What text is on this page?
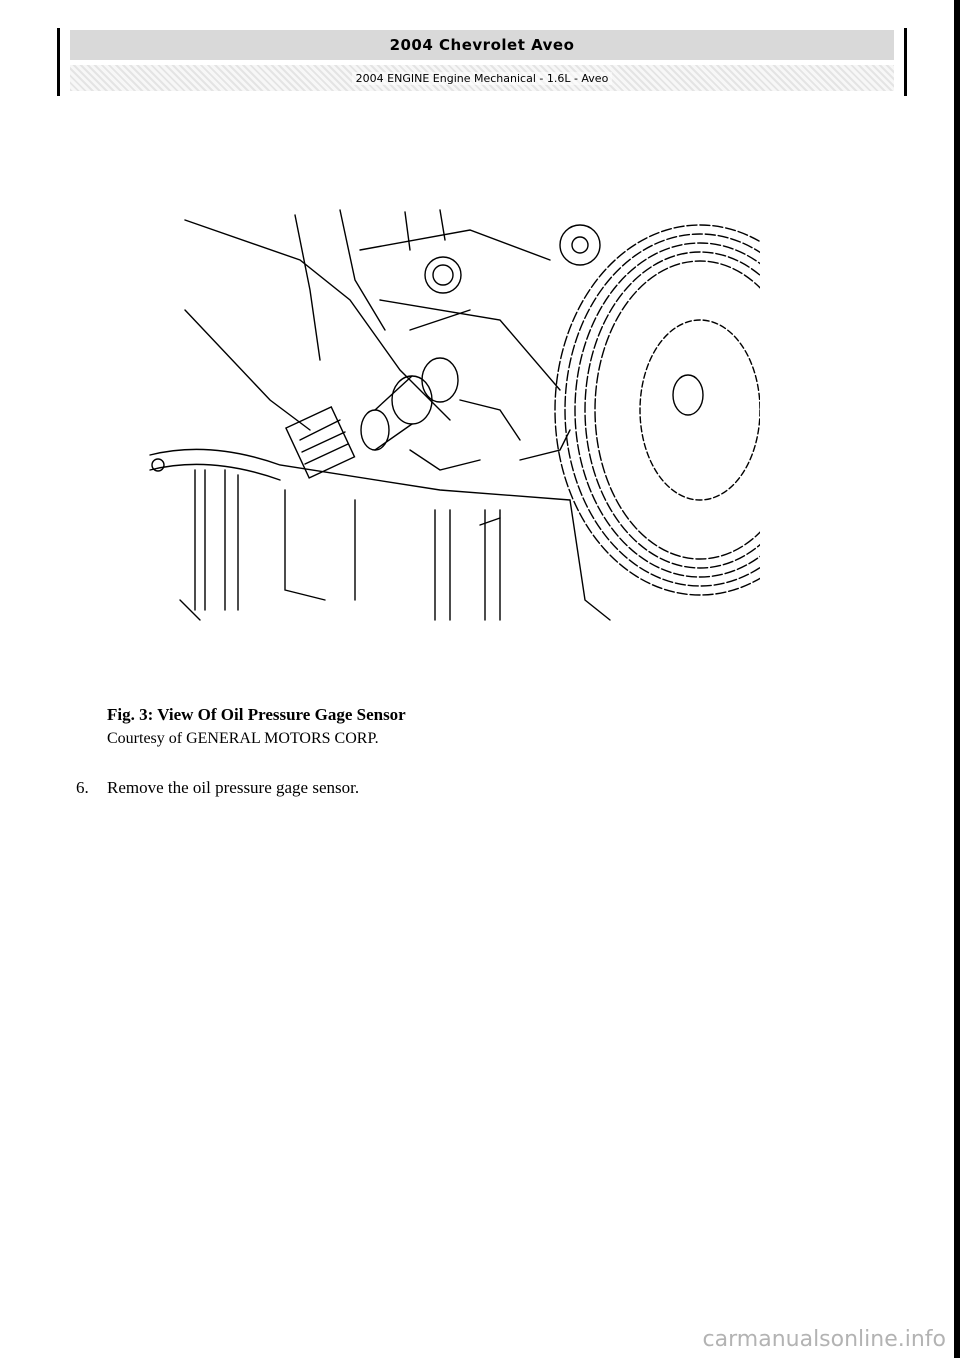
2004 Chevrolet Aveo
2004 ENGINE Engine Mechanical - 1.6L - Aveo
Fig. 3: View Of Oil Pressure Gage Sensor
Courtesy of GENERAL MOTORS CORP.
6. Remove the oil pressure gage sensor.
carmanualsonline.info
